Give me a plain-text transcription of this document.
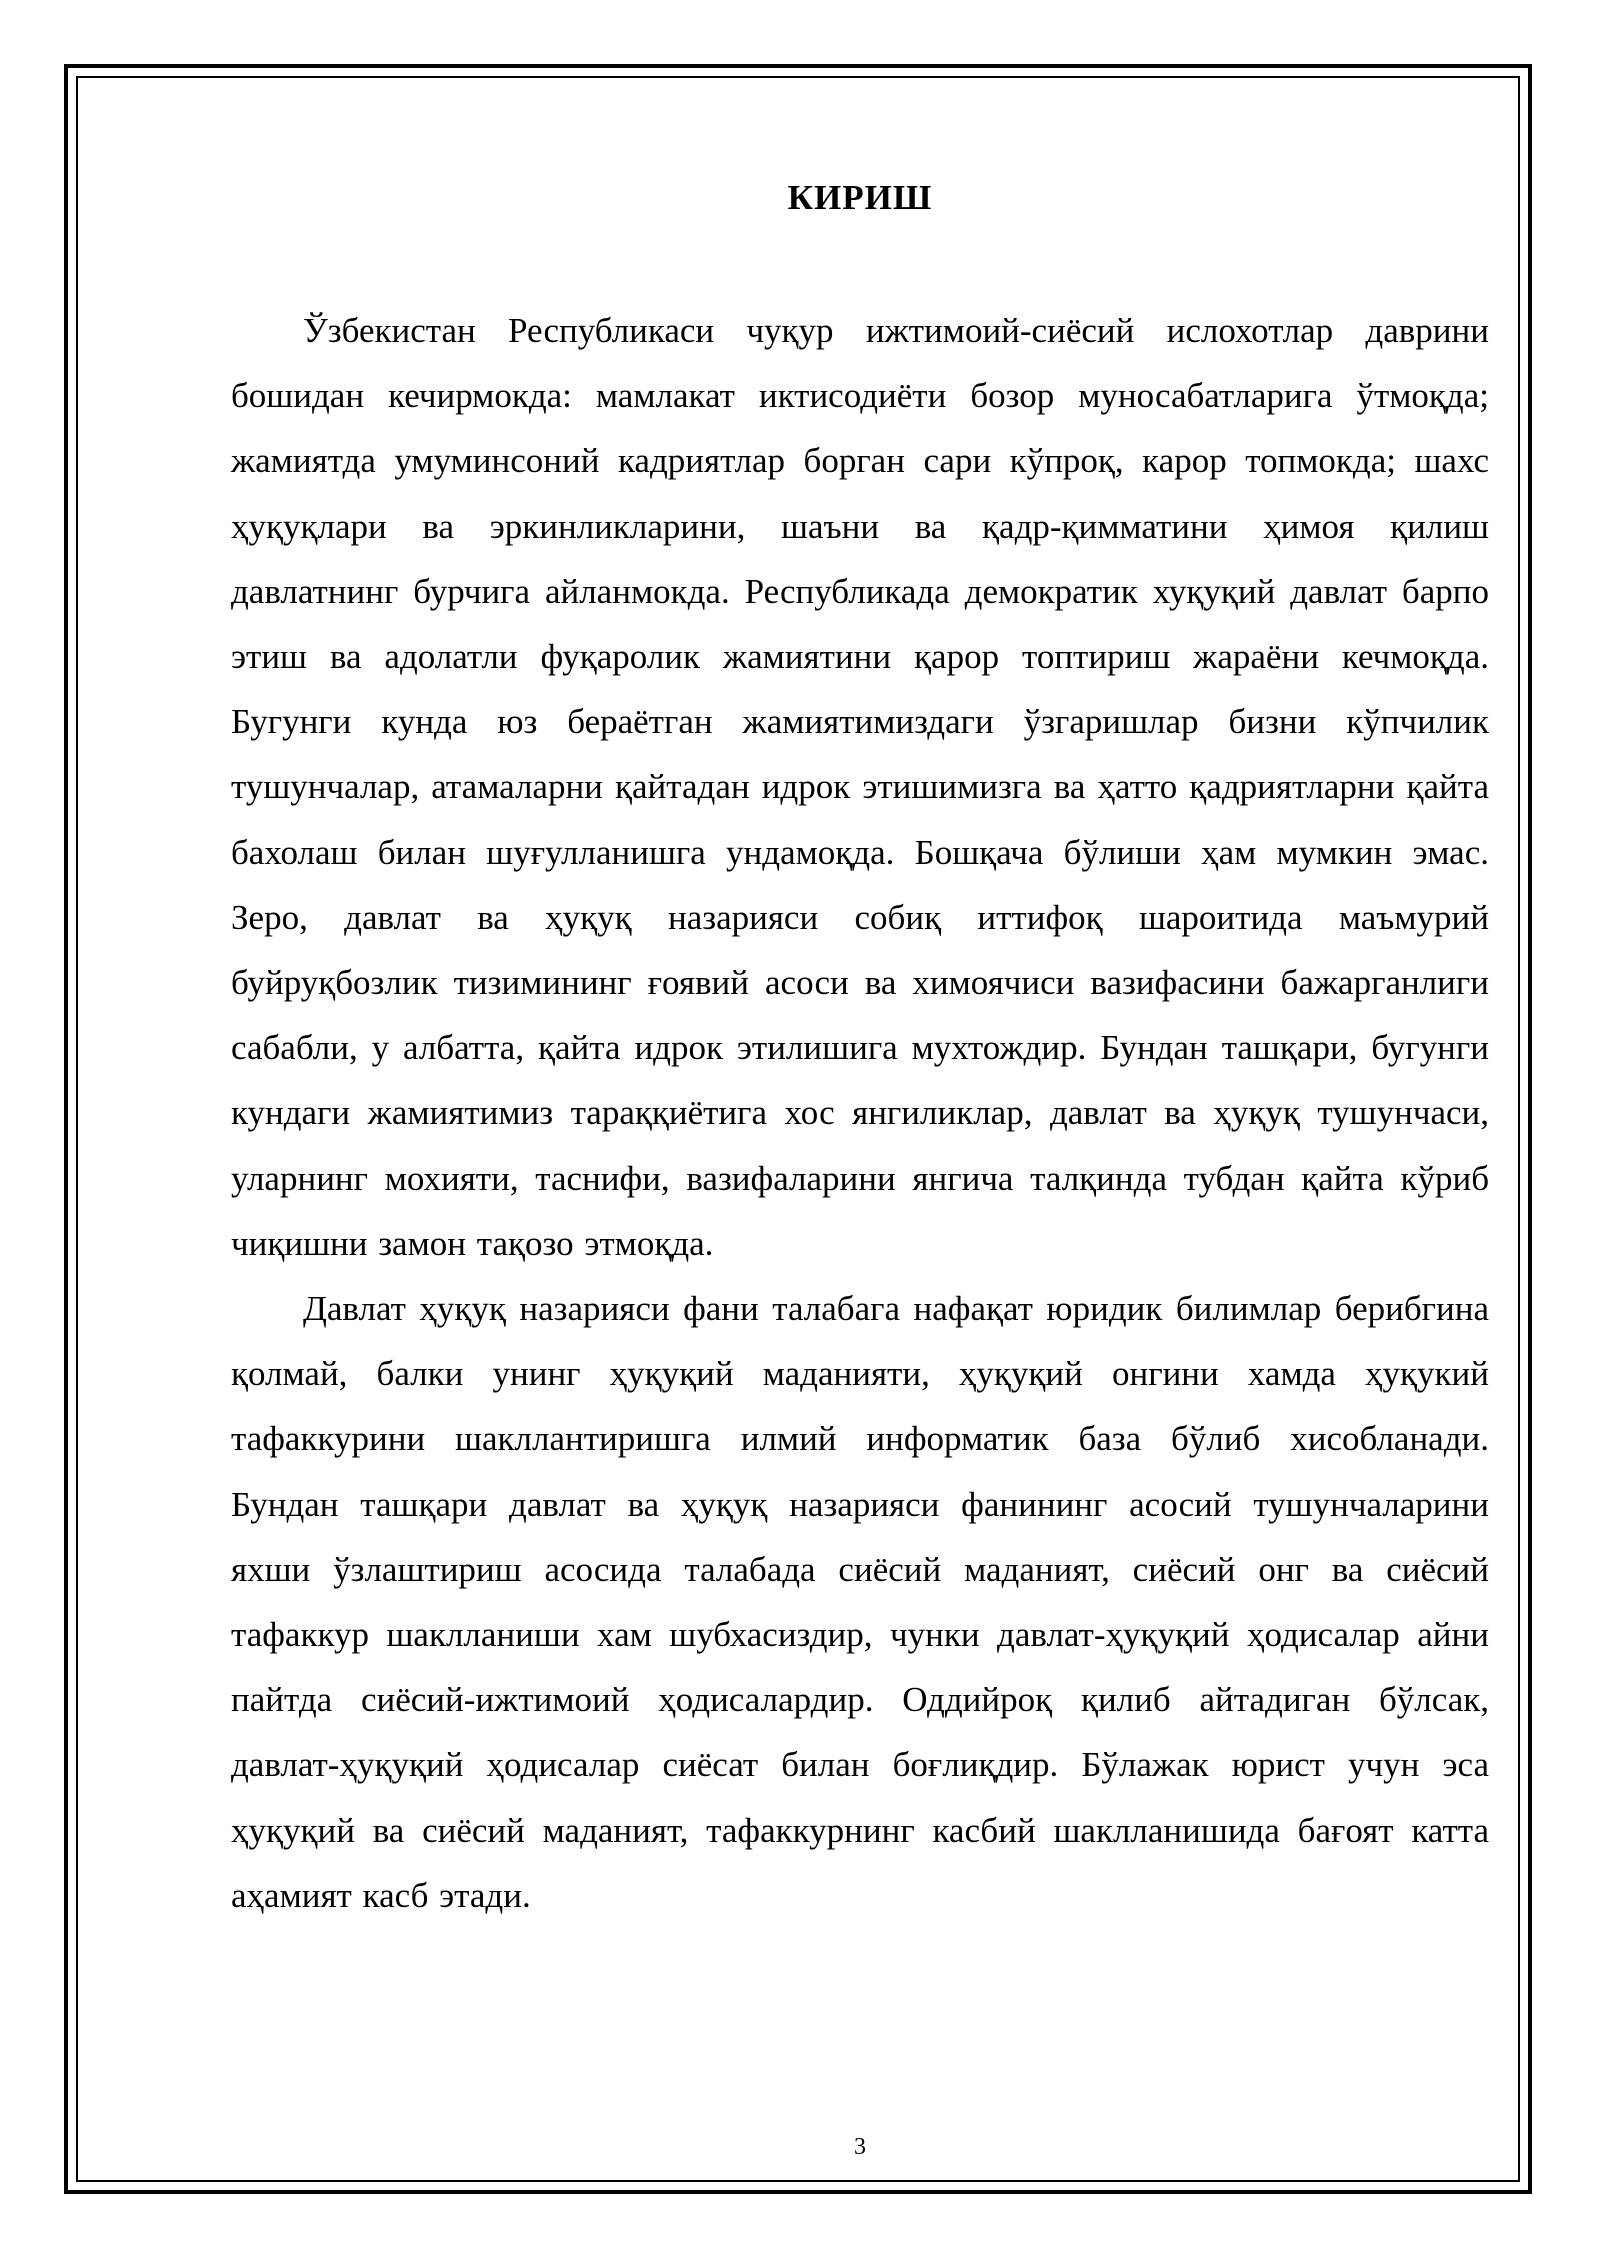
КИРИШ

Ўзбекистан Республикаси чуқур ижтимоий-сиёсий ислохотлар даврини бошидан кечирмокда: мамлакат иктисодиёти бозор муносабатларига ўтмоқда; жамиятда умуминсоний кадриятлар борган сари кўпроқ, карор топмокда; шахс ҳуқуқлари ва эркинликларини, шаъни ва қадр-қимматини ҳимоя қилиш давлатнинг бурчига айланмокда. Республикада демократик хуқуқий давлат барпо этиш ва адолатли фуқаролик жамиятини қарор топтириш жараёни кечмоқда. Бугунги кунда юз бераётган жамиятимиздаги ўзгаришлар бизни кўпчилик тушунчалар, атамаларни қайтадан идрок этишимизга ва ҳатто қадриятларни қайта бахолаш билан шуғулланишга ундамоқда. Бошқача бўлиши ҳам мумкин эмас. Зеро, давлат ва ҳуқуқ назарияси собиқ иттифоқ шароитида маъмурий буйруқбозлик тизимининг ғоявий асоси ва химоячиси вазифасини бажарганлиги сабабли, у албатта, қайта идрок этилишига мухтождир. Бундан ташқари, бугунги кундаги жамиятимиз тараққиётига хос янгиликлар, давлат ва ҳуқуқ тушунчаси, уларнинг мохияти, таснифи, вазифаларини янгича талқинда тубдан қайта кўриб чиқишни замон тақозо этмоқда.

Давлат ҳуқуқ назарияси фани талабага нафақат юридик билимлар берибгина қолмай, балки унинг ҳуқуқий маданияти, ҳуқуқий онгини хамда ҳуқукий тафаккурини шакллантиришга илмий информатик база бўлиб хисобланади. Бундан ташқари давлат ва ҳуқуқ назарияси фанининг асосий тушунчаларини яхши ўзлаштириш асосида талабада сиёсий маданият, сиёсий онг ва сиёсий тафаккур шаклланиши хам шубхасиздир, чунки давлат-ҳуқуқий ҳодисалар айни пайтда сиёсий-ижтимоий ҳодисалардир. Оддийроқ қилиб айтадиган бўлсак, давлат-ҳуқуқий ҳодисалар сиёсат билан боғлиқдир. Бўлажак юрист учун эса ҳуқуқий ва сиёсий маданият, тафаккурнинг касбий шаклланишида бағоят катта аҳамият касб этади.

3
